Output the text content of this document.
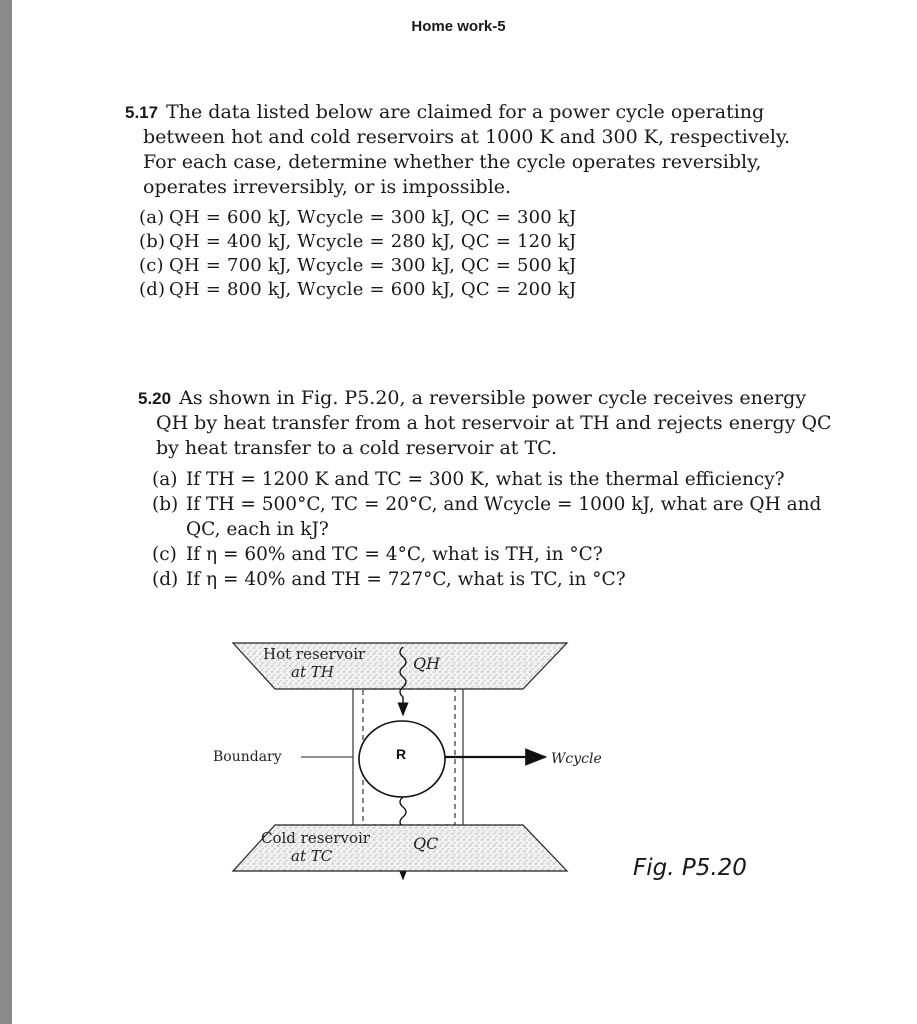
Home work-5
5.17 The data listed below are claimed for a power cycle operating between hot and cold reservoirs at 1000 K and 300 K, respectively. For each case, determine whether the cycle operates reversibly, operates irreversibly, or is impossible.
(a) QH = 600 kJ, Wcycle = 300 kJ, QC = 300 kJ
(b) QH = 400 kJ, Wcycle = 280 kJ, QC = 120 kJ
(c) QH = 700 kJ, Wcycle = 300 kJ, QC = 500 kJ
(d) QH = 800 kJ, Wcycle = 600 kJ, QC = 200 kJ
5.20 As shown in Fig. P5.20, a reversible power cycle receives energy QH by heat transfer from a hot reservoir at TH and rejects energy QC by heat transfer to a cold reservoir at TC.
(a) If TH = 1200 K and TC = 300 K, what is the thermal efficiency?
(b) If TH = 500°C, TC = 20°C, and Wcycle = 1000 kJ, what are QH and QC, each in kJ?
(c) If η = 60% and TC = 4°C, what is TH, in °C?
(d) If η = 40% and TH = 727°C, what is TC, in °C?
Hot reservoir
at TH	QH
R
Boundary	Wcycle
Cold reservoir
at TC
QC
Fig. P5.20
